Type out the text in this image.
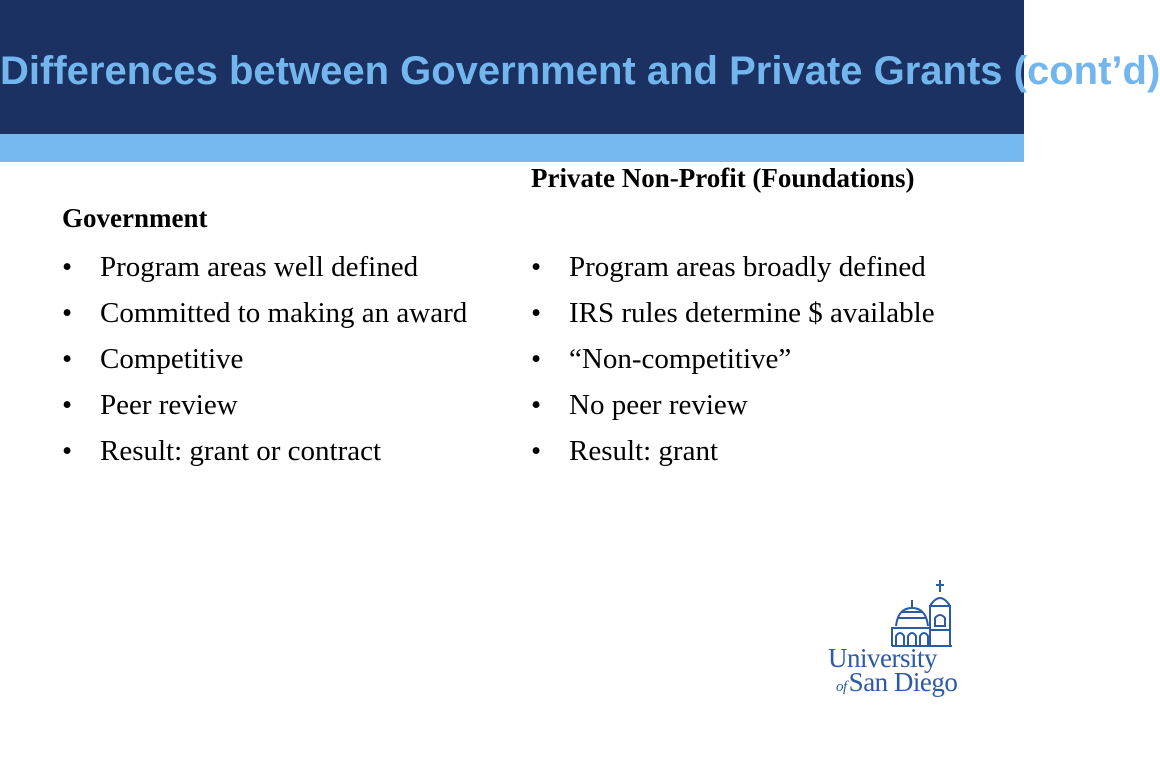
Differences between Government and Private Grants (cont’d)
Government
• Program areas well defined
• Committed to making an award
• Competitive
• Peer review
• Result: grant or contract
Private Non-Profit (Foundations)
• Program areas broadly defined
• IRS rules determine $ available
• “Non-competitive”
• No peer review
• Result: grant
University
ofSan Diego
